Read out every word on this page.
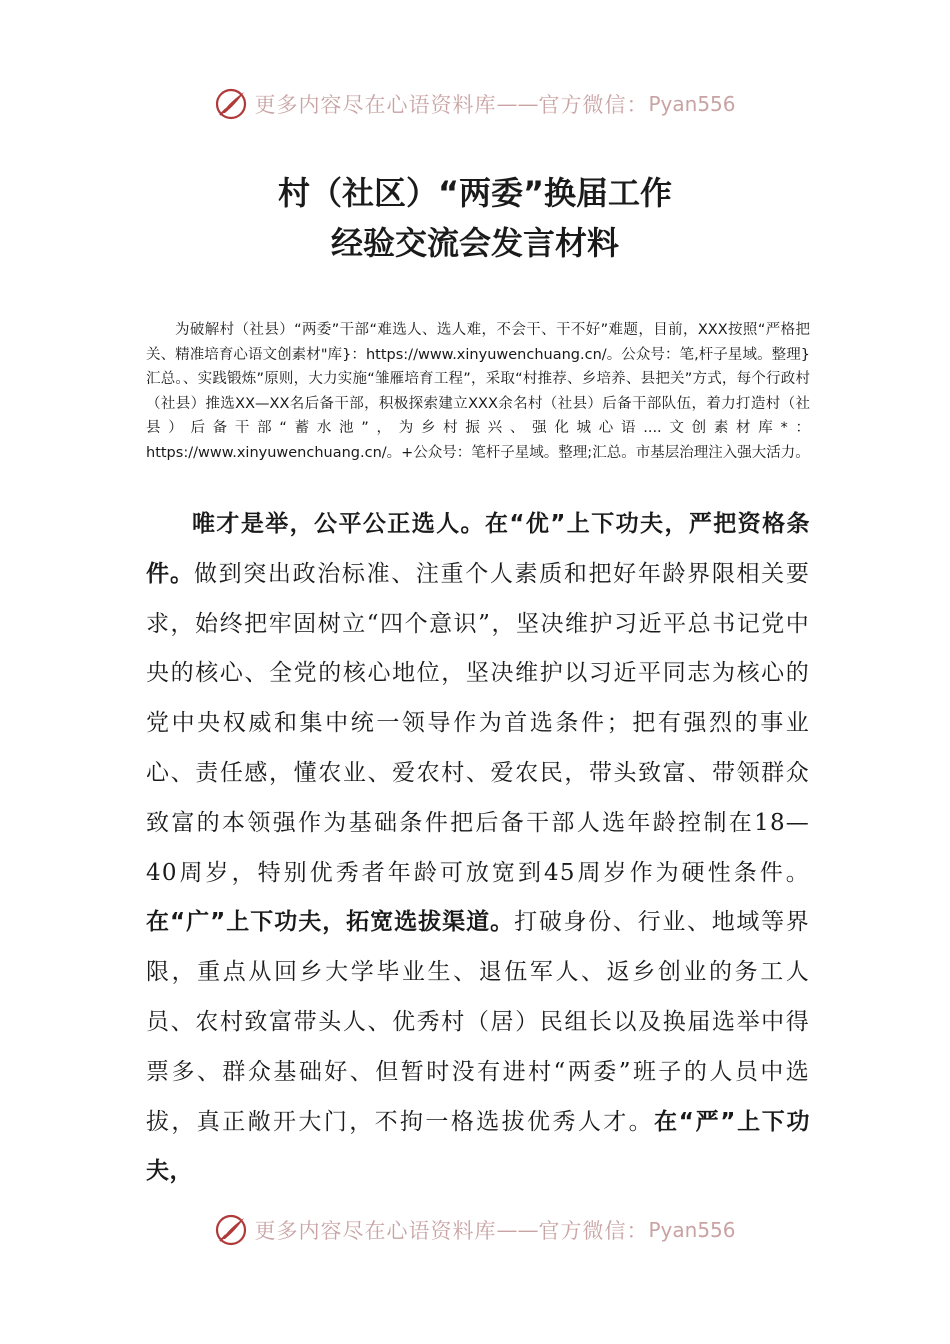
更多内容尽在心语资料库 —— 官方微信： Pyan556
村（社区）“两委”换届工作
经验交流会发言材料

为破解村（社县）“两委”干部“难选人、选人难，不会干、干不好”难题，目前，XXX按照“严格把关、精准培育心语文创素材"库}：https://www.xinyuwenchuang.cn/。公众号：笔,杆子星域。整理}汇总。、实践锻炼”原则，大力实施“雏雁培育工程”，采取“村推荐、乡培养、县把关”方式，每个行政村（社县）推选XX—XX名后备干部，积极探索建立XXX余名村（社县）后备干部队伍，着力打造村（社县）后备干部“蓄水池”，为乡村振兴、强化城心语....文创素材库*：https://www.xinyuwenchuang.cn/。+公众号：笔杆子星域。整理;汇总。市基层治理注入强大活力。

唯才是举，公平公正选人。在“优”上下功夫，严把资格条件。做到突出政治标准、注重个人素质和把好年龄界限相关要求，始终把牢固树立“四个意识”，坚决维护习近平总书记党中央的核心、全党的核心地位，坚决维护以习近平同志为核心的党中央权威和集中统一领导作为首选条件；把有强烈的事业心、责任感，懂农业、爱农村、爱农民，带头致富、带领群众致富的本领强作为基础条件把后备干部人选年龄控制在18—40周岁，特别优秀者年龄可放宽到45周岁作为硬性条件。在“广”上下功夫，拓宽选拔渠道。打破身份、行业、地域等界限，重点从回乡大学毕业生、退伍军人、返乡创业的务工人员、农村致富带头人、优秀村（居）民组长以及换届选举中得票多、群众基础好、但暂时没有进村“两委”班子的人员中选拔，真正敞开大门，不拘一格选拔优秀人才。在“严”上下功夫，

更多内容尽在心语资料库 —— 官方微信： Pyan556
